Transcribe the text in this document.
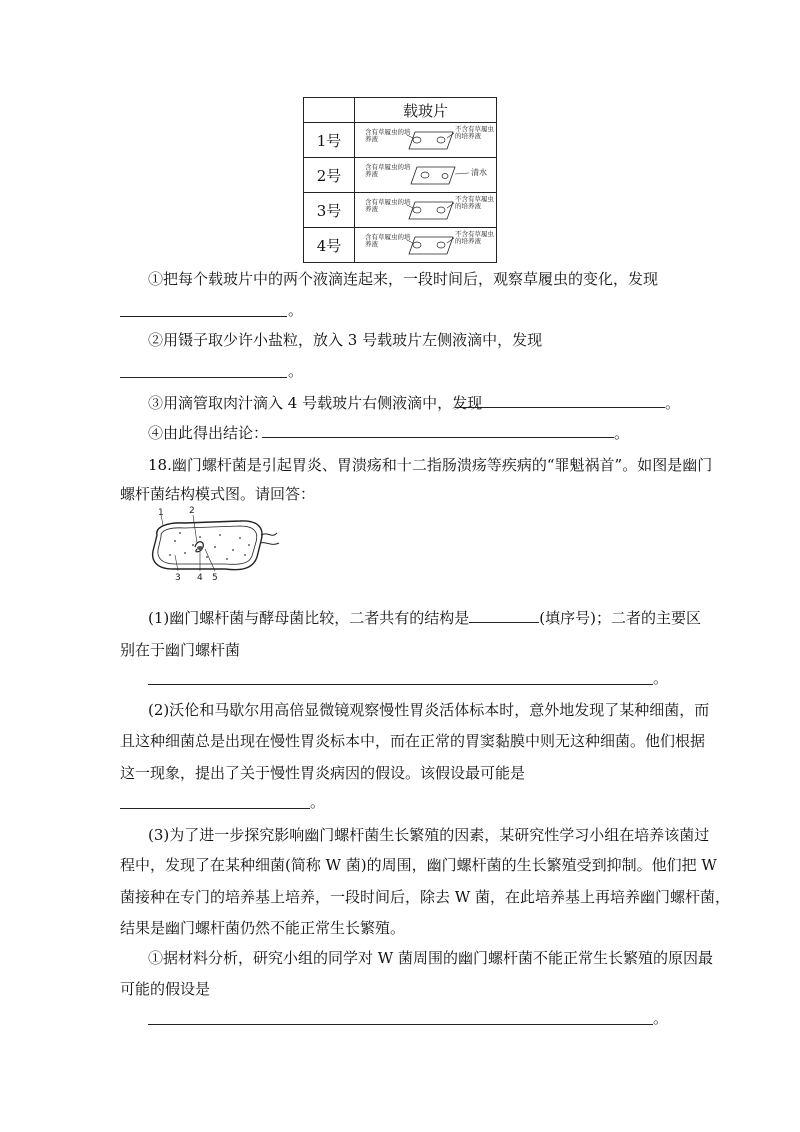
	载玻片
1号	含有草履虫的培养液
不含有草履虫的培养液

2号	含有草履虫的培养液 清水

3号	含有草履虫的培养液
不含有草履虫的培养液

4号	含有草履虫的培养液
不含有草履虫的培养液
①把每个载玻片中的两个液滴连起来，一段时间后，观察草履虫的变化，发现
。
②用镊子取少许小盐粒，放入 3 号载玻片左侧液滴中，发现
。
③用滴管取肉汁滴入 4 号载玻片右侧液滴中，发现	。
④由此得出结论：	。
18.幽门螺杆菌是引起胃炎、胃溃疡和十二指肠溃疡等疾病的“罪魁祸首”。如图是幽门
螺杆菌结构模式图。请回答：
1	2
3 4 5
(1)幽门螺杆菌与酵母菌比较，二者共有的结构是	(填序号)；二者的主要区
别在于幽门螺杆菌
。
(2)沃伦和马歇尔用高倍显微镜观察慢性胃炎活体标本时，意外地发现了某种细菌，而
且这种细菌总是出现在慢性胃炎标本中，而在正常的胃窦黏膜中则无这种细菌。他们根据
这一现象，提出了关于慢性胃炎病因的假设。该假设最可能是
。
(3)为了进一步探究影响幽门螺杆菌生长繁殖的因素，某研究性学习小组在培养该菌过
程中，发现了在某种细菌(简称 W 菌)的周围，幽门螺杆菌的生长繁殖受到抑制。他们把 W
菌接种在专门的培养基上培养，一段时间后，除去 W 菌，在此培养基上再培养幽门螺杆菌，
结果是幽门螺杆菌仍然不能正常生长繁殖。
①据材料分析，研究小组的同学对 W 菌周围的幽门螺杆菌不能正常生长繁殖的原因最
可能的假设是
。
